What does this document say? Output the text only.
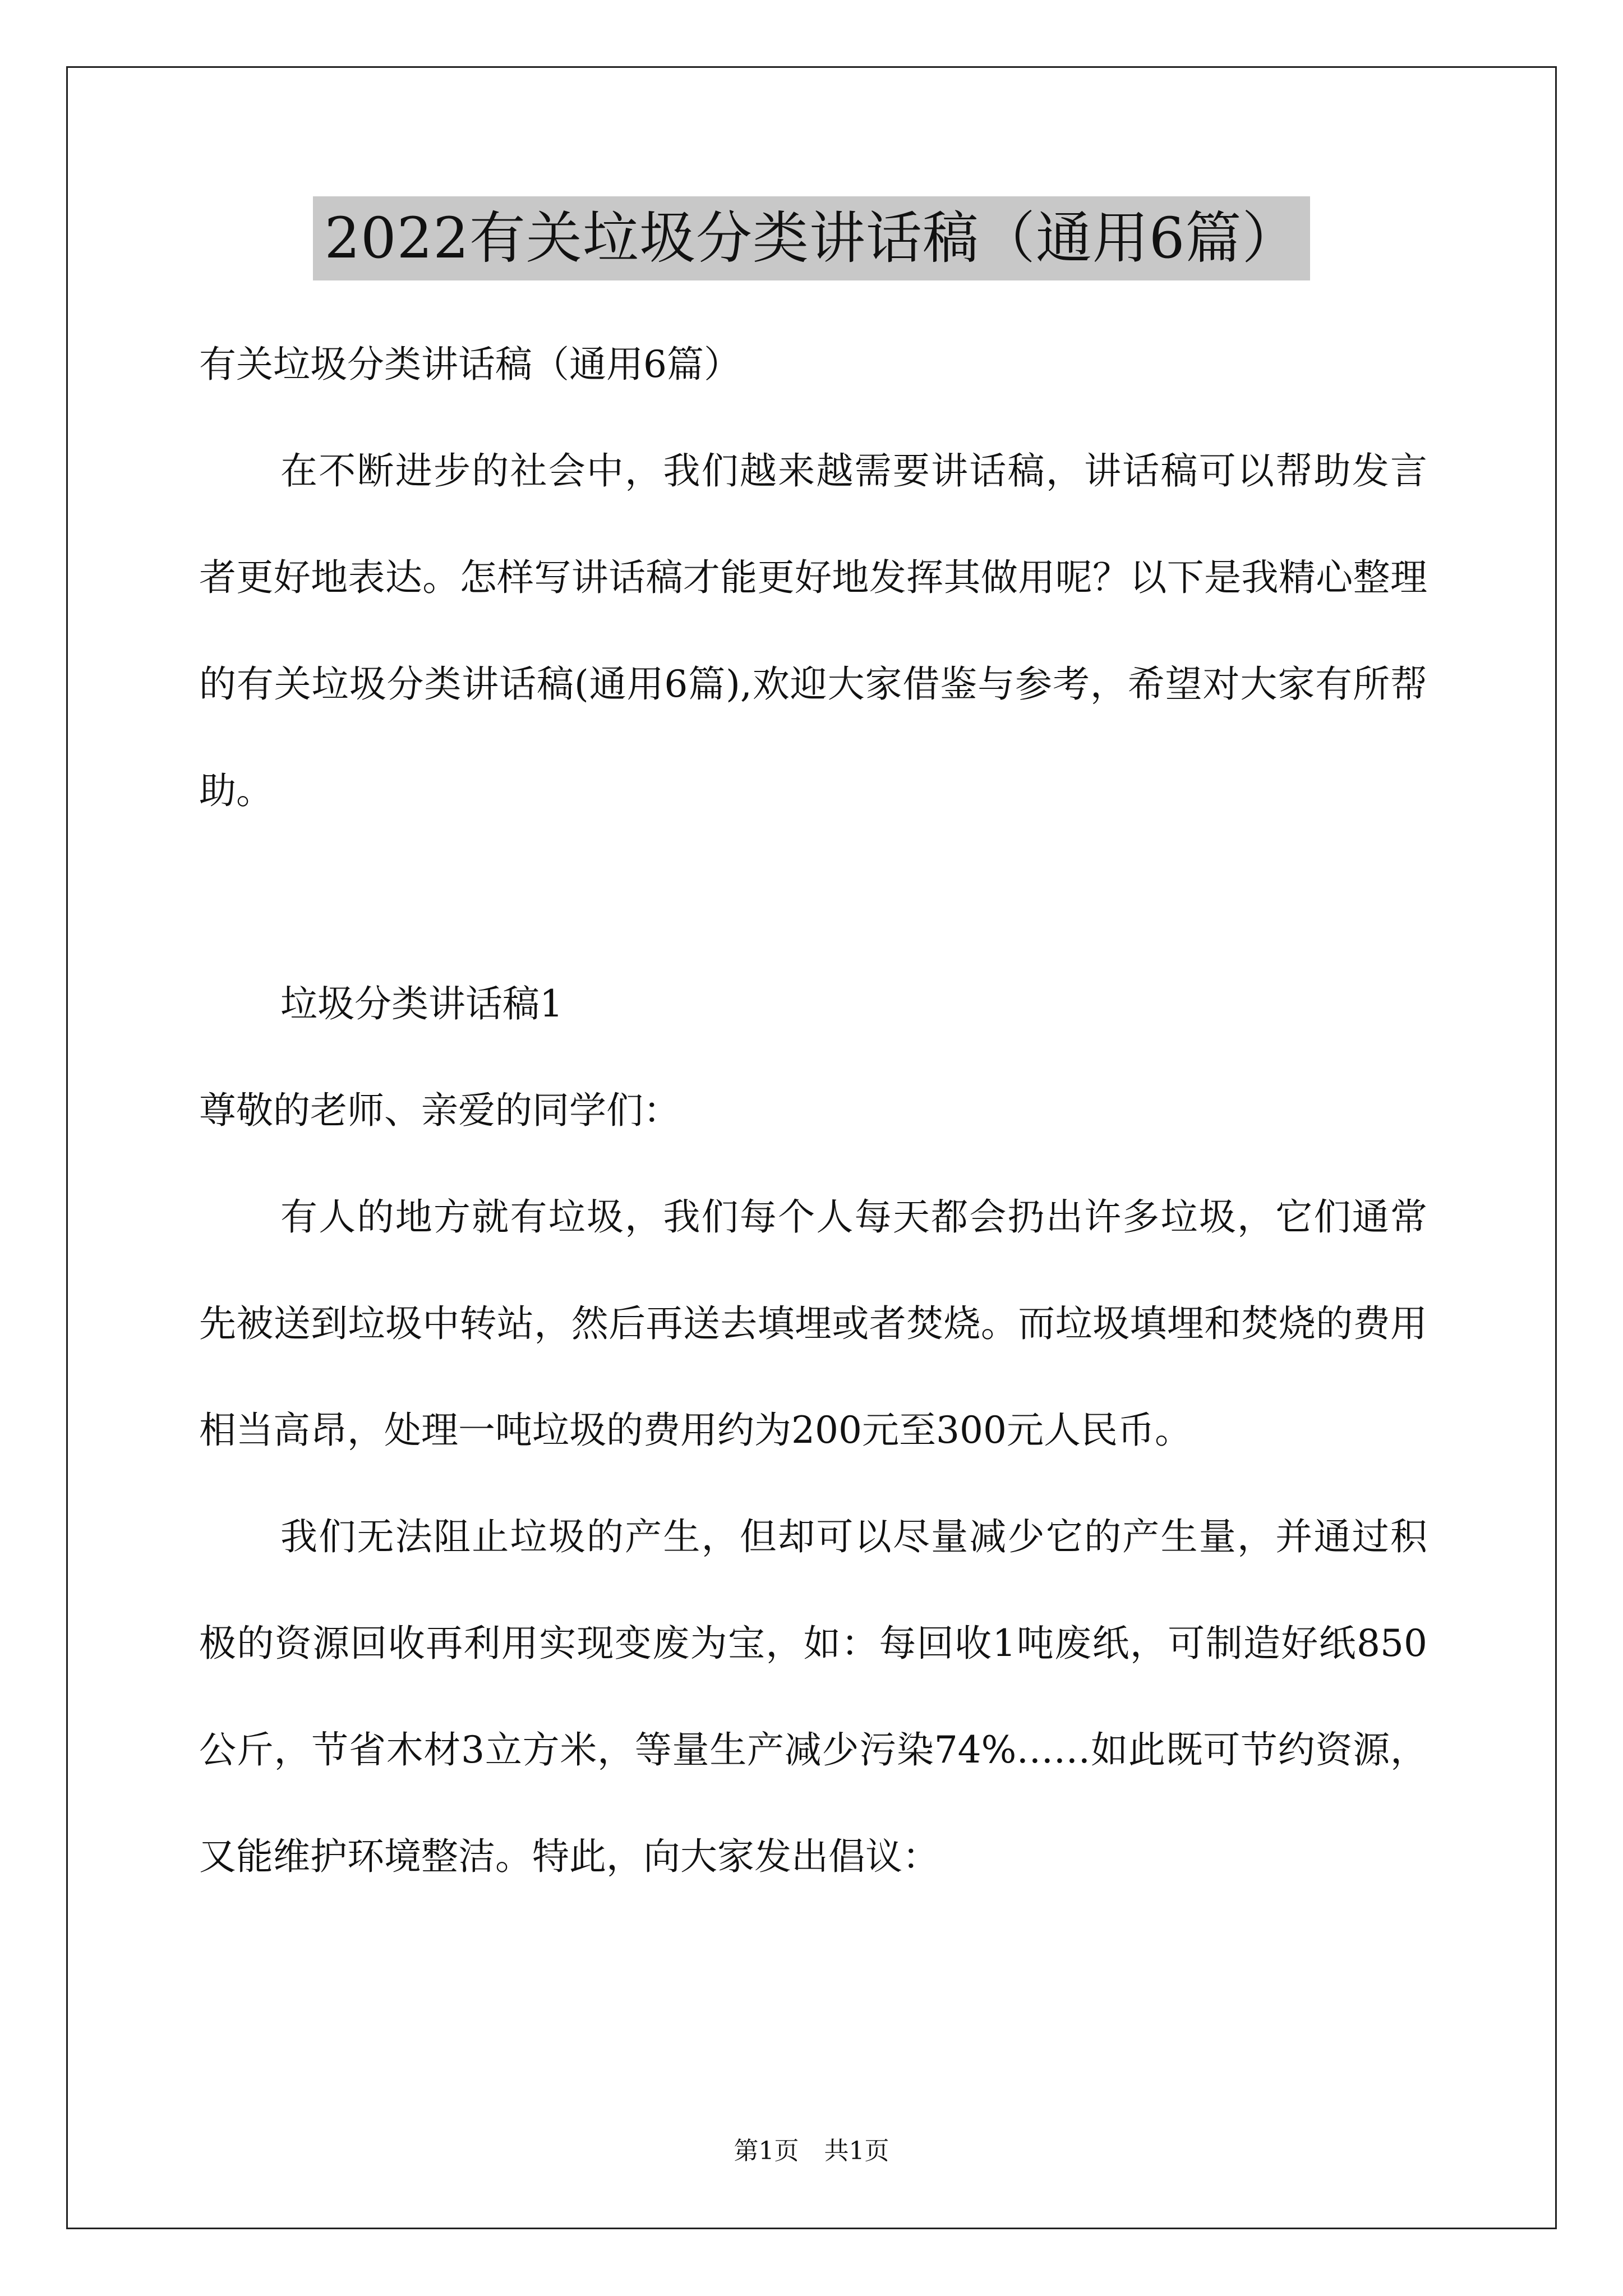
2022有关垃圾分类讲话稿（通用6篇）

有关垃圾分类讲话稿（通用6篇）

在不断进步的社会中，我们越来越需要讲话稿，讲话稿可以帮助发言者更好地表达。怎样写讲话稿才能更好地发挥其做用呢？以下是我精心整理的有关垃圾分类讲话稿(通用6篇),欢迎大家借鉴与参考，希望对大家有所帮助。

垃圾分类讲话稿1

尊敬的老师、亲爱的同学们：

有人的地方就有垃圾，我们每个人每天都会扔出许多垃圾，它们通常先被送到垃圾中转站，然后再送去填埋或者焚烧。而垃圾填埋和焚烧的费用相当高昂，处理一吨垃圾的费用约为200元至300元人民币。

我们无法阻止垃圾的产生，但却可以尽量减少它的产生量，并通过积极的资源回收再利用实现变废为宝，如：每回收1吨废纸，可制造好纸850公斤，节省木材3立方米，等量生产减少污染74%……如此既可节约资源，又能维护环境整洁。特此，向大家发出倡议：

第1页 共1页
